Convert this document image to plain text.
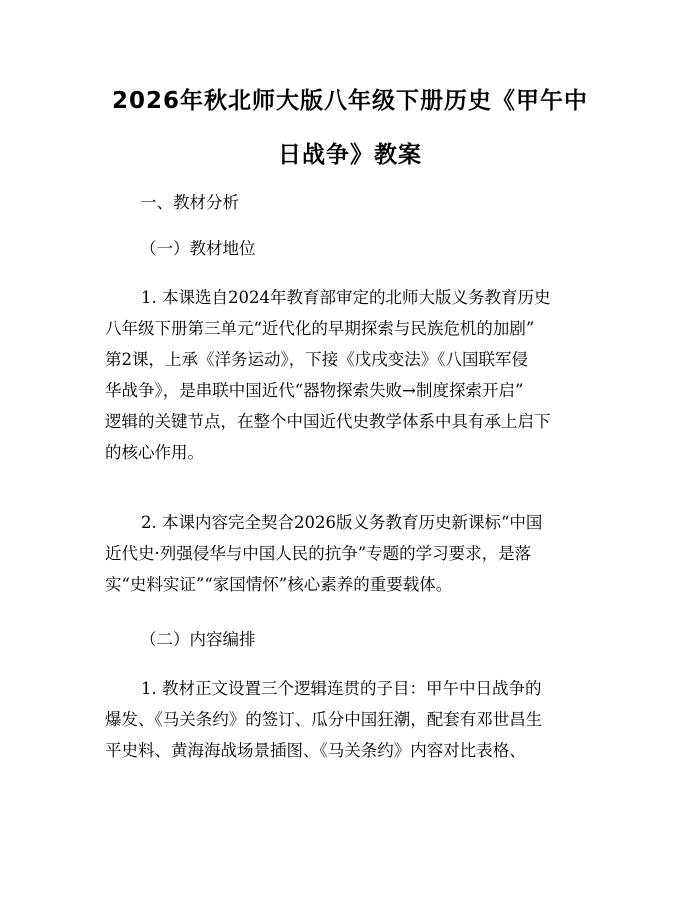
2026年秋北师大版八年级下册历史《甲午中
日战争》教案

一、教材分析

（一）教材地位

1. 本课选自2024年教育部审定的北师大版义务教育历史
八年级下册第三单元“近代化的早期探索与民族危机的加剧”
第2课，上承《洋务运动》，下接《戊戌变法》《八国联军侵
华战争》，是串联中国近代“器物探索失败→制度探索开启”
逻辑的关键节点，在整个中国近代史教学体系中具有承上启下
的核心作用。
2. 本课内容完全契合2026版义务教育历史新课标“中国
近代史·列强侵华与中国人民的抗争”专题的学习要求，是落
实“史料实证”“家国情怀”核心素养的重要载体。

（二）内容编排

1. 教材正文设置三个逻辑连贯的子目：甲午中日战争的
爆发、《马关条约》的签订、瓜分中国狂潮，配套有邓世昌生
平史料、黄海海战场景插图、《马关条约》内容对比表格、
